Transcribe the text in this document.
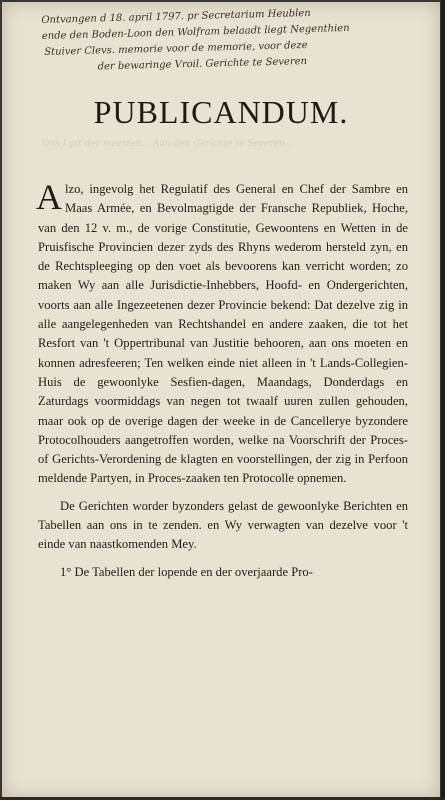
Ontvangen d 18. april 1797. pr Secretarium Heublen
ende den Boden-Loon den Wolfram belaadt liegt Negenthien
Stuiver Clevs. memorie voor de memorie, voor deze
der bewaringe Vroil. Gerichte te Severen
PUBLICANDUM.
Ons Lyst der meesten... Aan den Gerichte te Severen...

Alzo, ingevolg het Regulatif des General en Chef der Sambre en Maas Armée, en Bevolmagtigde der Fransche Republiek, Hoche, van den 12 v. m., de vorige Constitutie, Gewoontens en Wetten in de Pruisfische Provincien dezer zyds des Rhyns wederom hersteld zyn, en de Rechtspleeging op den voet als bevoorens kan verricht worden; zo maken Wy aan alle Jurisdictie-Inhebbers, Hoofd- en Ondergerichten, voorts aan alle Ingezeetenen dezer Provincie bekend: Dat dezelve zig in alle aangelegenheden van Rechtshandel en andere zaaken, die tot het Resfort van 't Oppertribunal van Justitie behooren, aan ons moeten en konnen adresfeeren; Ten welken einde niet alleen in 't Lands-Collegien-Huis de gewoonlyke Sesfien-dagen, Maandags, Donderdags en Zaturdags voormiddags van negen tot twaalf uuren zullen gehouden, maar ook op de overige dagen der weeke in de Cancellerye byzondere Protocolhouders aangetroffen worden, welke na Voorschrift der Proces- of Gerichts-Verordening de klagten en voorstellingen, der zig in Perfoon meldende Partyen, in Proces-zaaken ten Protocolle opnemen.

De Gerichten worder byzonders gelast de gewoonlyke Berichten en Tabellen aan ons in te zenden. en Wy verwagten van dezelve voor 't einde van naastkomenden Mey.

1° De Tabellen der lopende en der overjaarde Pro-
